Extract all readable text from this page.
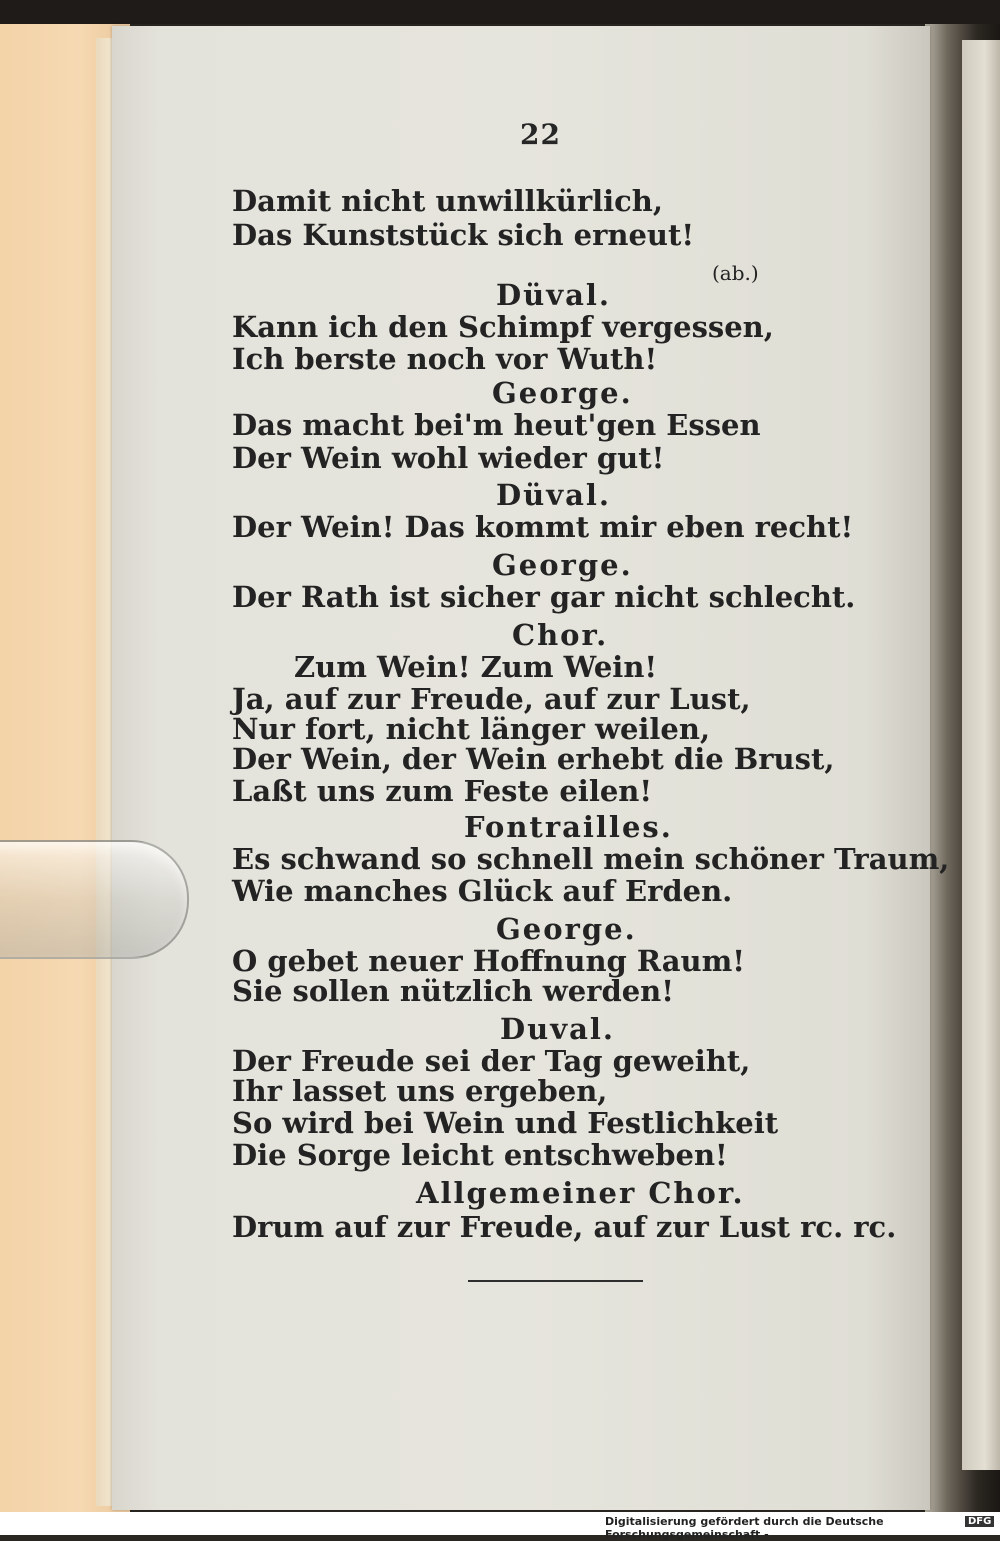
22
Damit nicht unwillkürlich,
Das Kunststück sich erneut!
(ab.)
Düval.
Kann ich den Schimpf vergessen,
Ich berste noch vor Wuth!
George.
Das macht bei'm heut'gen Essen
Der Wein wohl wieder gut!
Düval.
Der Wein! Das kommt mir eben recht!
George.
Der Rath ist sicher gar nicht schlecht.
Chor.
Zum Wein! Zum Wein!
Ja, auf zur Freude, auf zur Lust,
Nur fort, nicht länger weilen,
Der Wein, der Wein erhebt die Brust,
Laßt uns zum Feste eilen!
Fontrailles.
Es schwand so schnell mein schöner Traum,
Wie manches Glück auf Erden.
George.
O gebet neuer Hoffnung Raum!
Sie sollen nützlich werden!
Duval.
Der Freude sei der Tag geweiht,
Ihr lasset uns ergeben,
So wird bei Wein und Festlichkeit
Die Sorge leicht entschweben!
Allgemeiner Chor.
Drum auf zur Freude, auf zur Lust rc. rc.
Digitalisierung gefördert durch die Deutsche Forschungsgemeinschaft -
DFG
